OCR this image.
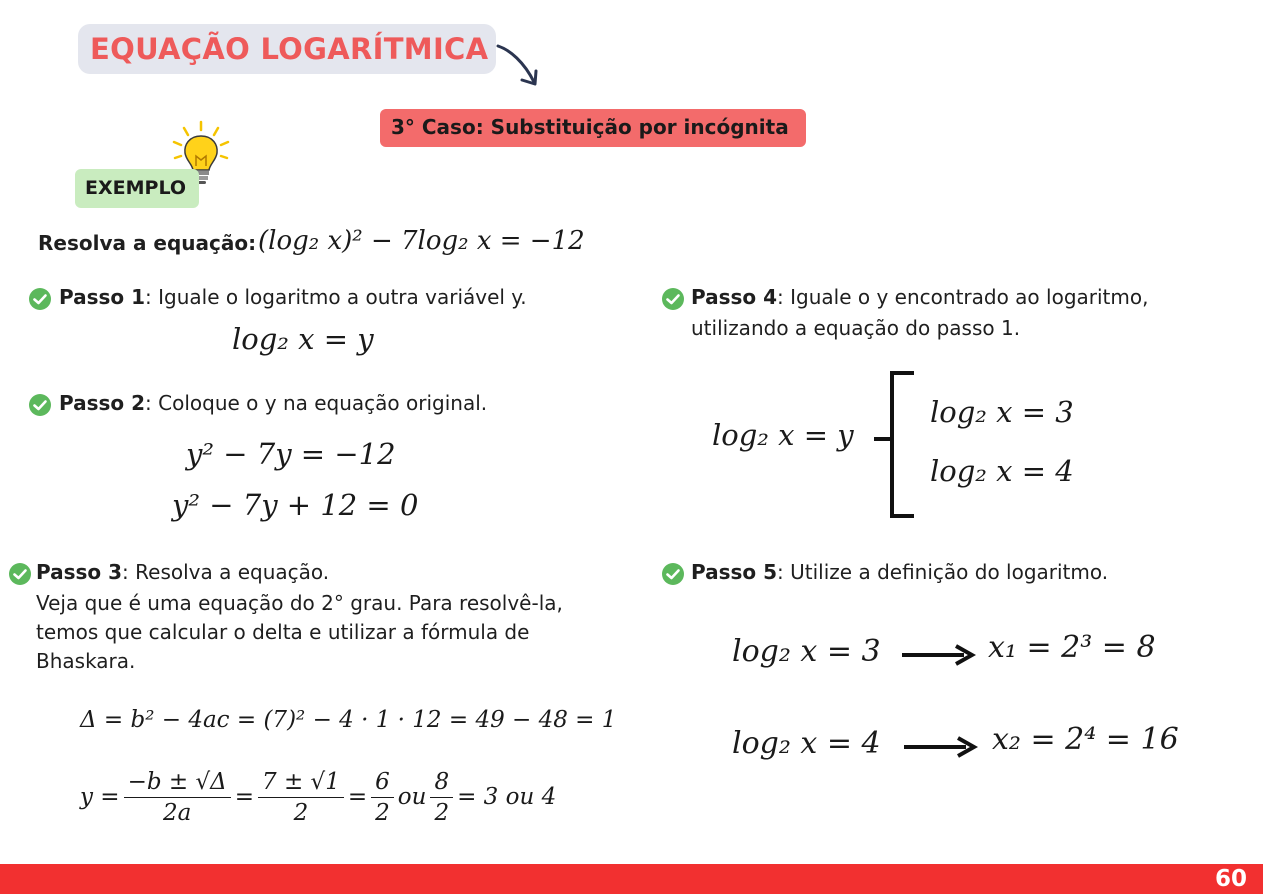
EQUAÇÃO LOGARÍTMICA
3° Caso: Substituição por incógnita
EXEMPLO
Resolva a equação: (log₂ x)² − 7log₂ x = −12
Passo 1: Iguale o logaritmo a outra variável y.
log₂ x = y
Passo 2: Coloque o y na equação original.
y² − 7y = −12
y² − 7y + 12 = 0
Passo 3: Resolva a equação.
Veja que é uma equação do 2° grau. Para resolvê-la,
temos que calcular o delta e utilizar a fórmula de
Bhaskara.
Δ = b² − 4ac = (7)² − 4 · 1 · 12 = 49 − 48 = 1
$y = \frac{-b \pm √\Delta}{2a} = \frac{7 \pm √1}{2} = \frac{6}{2}$ ou $\frac{8}{2} = 3$ ou 4
Passo 4: Iguale o y encontrado ao logaritmo,
utilizando a equação do passo 1.
log₂ x = y
log₂ x = 3
log₂ x = 4
Passo 5: Utilize a definição do logaritmo.
log₂ x = 3	x₁ = 2³ = 8
log₂ x = 4	x₂ = 2⁴ = 16
60
